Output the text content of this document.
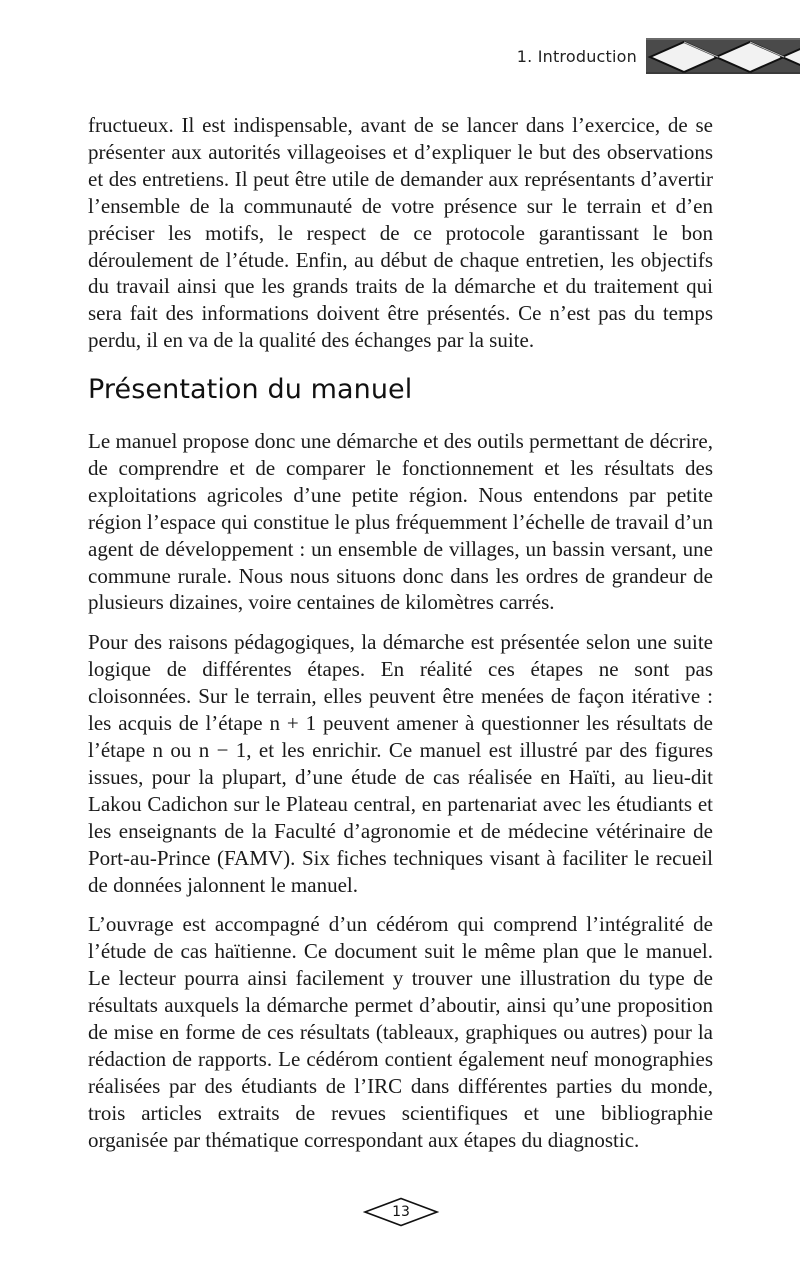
1. Introduction

fructueux. Il est indispensable, avant de se lancer dans l’exercice, de se présenter aux autorités villageoises et d’expliquer le but des observations et des entretiens. Il peut être utile de demander aux représentants d’avertir l’ensemble de la communauté de votre présence sur le terrain et d’en préciser les motifs, le respect de ce protocole garantissant le bon déroulement de l’étude. Enfin, au début de chaque entretien, les objectifs du travail ainsi que les grands traits de la démarche et du traitement qui sera fait des informations doivent être présentés. Ce n’est pas du temps perdu, il en va de la qualité des échanges par la suite.

Présentation du manuel

Le manuel propose donc une démarche et des outils permettant de décrire, de comprendre et de comparer le fonctionnement et les résultats des exploitations agricoles d’une petite région. Nous entendons par petite région l’espace qui constitue le plus fréquemment l’échelle de travail d’un agent de développement : un ensemble de villages, un bassin versant, une commune rurale. Nous nous situons donc dans les ordres de grandeur de plusieurs dizaines, voire centaines de kilomètres carrés.

Pour des raisons pédagogiques, la démarche est présentée selon une suite logique de différentes étapes. En réalité ces étapes ne sont pas cloisonnées. Sur le terrain, elles peuvent être menées de façon itérative : les acquis de l’étape n + 1 peuvent amener à questionner les résultats de l’étape n ou n − 1, et les enrichir. Ce manuel est illustré par des figures issues, pour la plupart, d’une étude de cas réalisée en Haïti, au lieu-dit Lakou Cadichon sur le Plateau central, en partenariat avec les étudiants et les enseignants de la Faculté d’agronomie et de médecine vétérinaire de Port-au-Prince (FAMV). Six fiches techniques visant à faciliter le recueil de données jalonnent le manuel.

L’ouvrage est accompagné d’un cédérom qui comprend l’intégralité de l’étude de cas haïtienne. Ce document suit le même plan que le manuel. Le lecteur pourra ainsi facilement y trouver une illustration du type de résultats auxquels la démarche permet d’aboutir, ainsi qu’une proposition de mise en forme de ces résultats (tableaux, graphiques ou autres) pour la rédaction de rapports. Le cédérom contient également neuf monographies réalisées par des étudiants de l’IRC dans différentes parties du monde, trois articles extraits de revues scientifiques et une bibliographie organisée par thématique correspondant aux étapes du diagnostic.

13
